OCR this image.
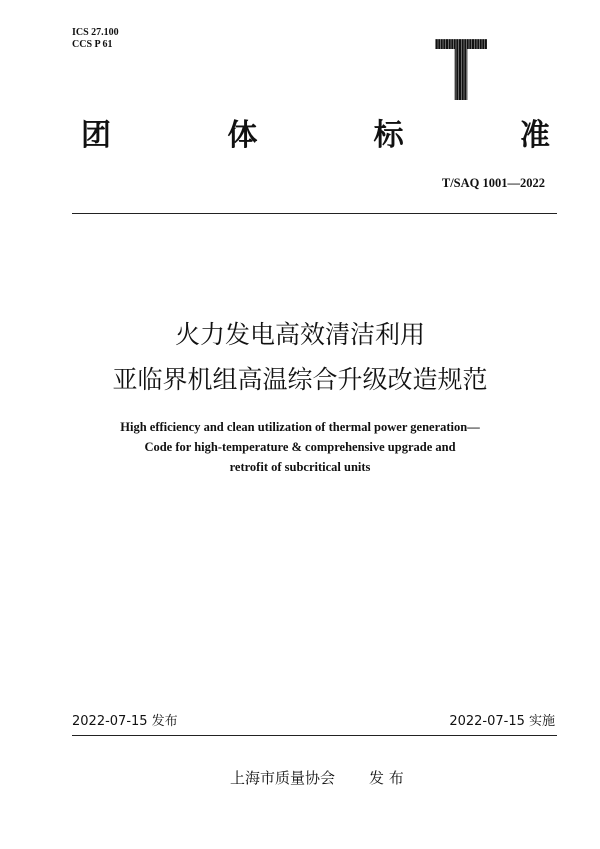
ICS 27.100
CCS P 61	T
团	体	标	准
T/SAQ 1001—2022
火力发电高效清洁利用
亚临界机组高温综合升级改造规范
High efficiency and clean utilization of thermal power generation—
Code for high-temperature & comprehensive upgrade and
retrofit of subcritical units
2022-07-15 发布	2022-07-15 实施
上海市质量协会 发 布
